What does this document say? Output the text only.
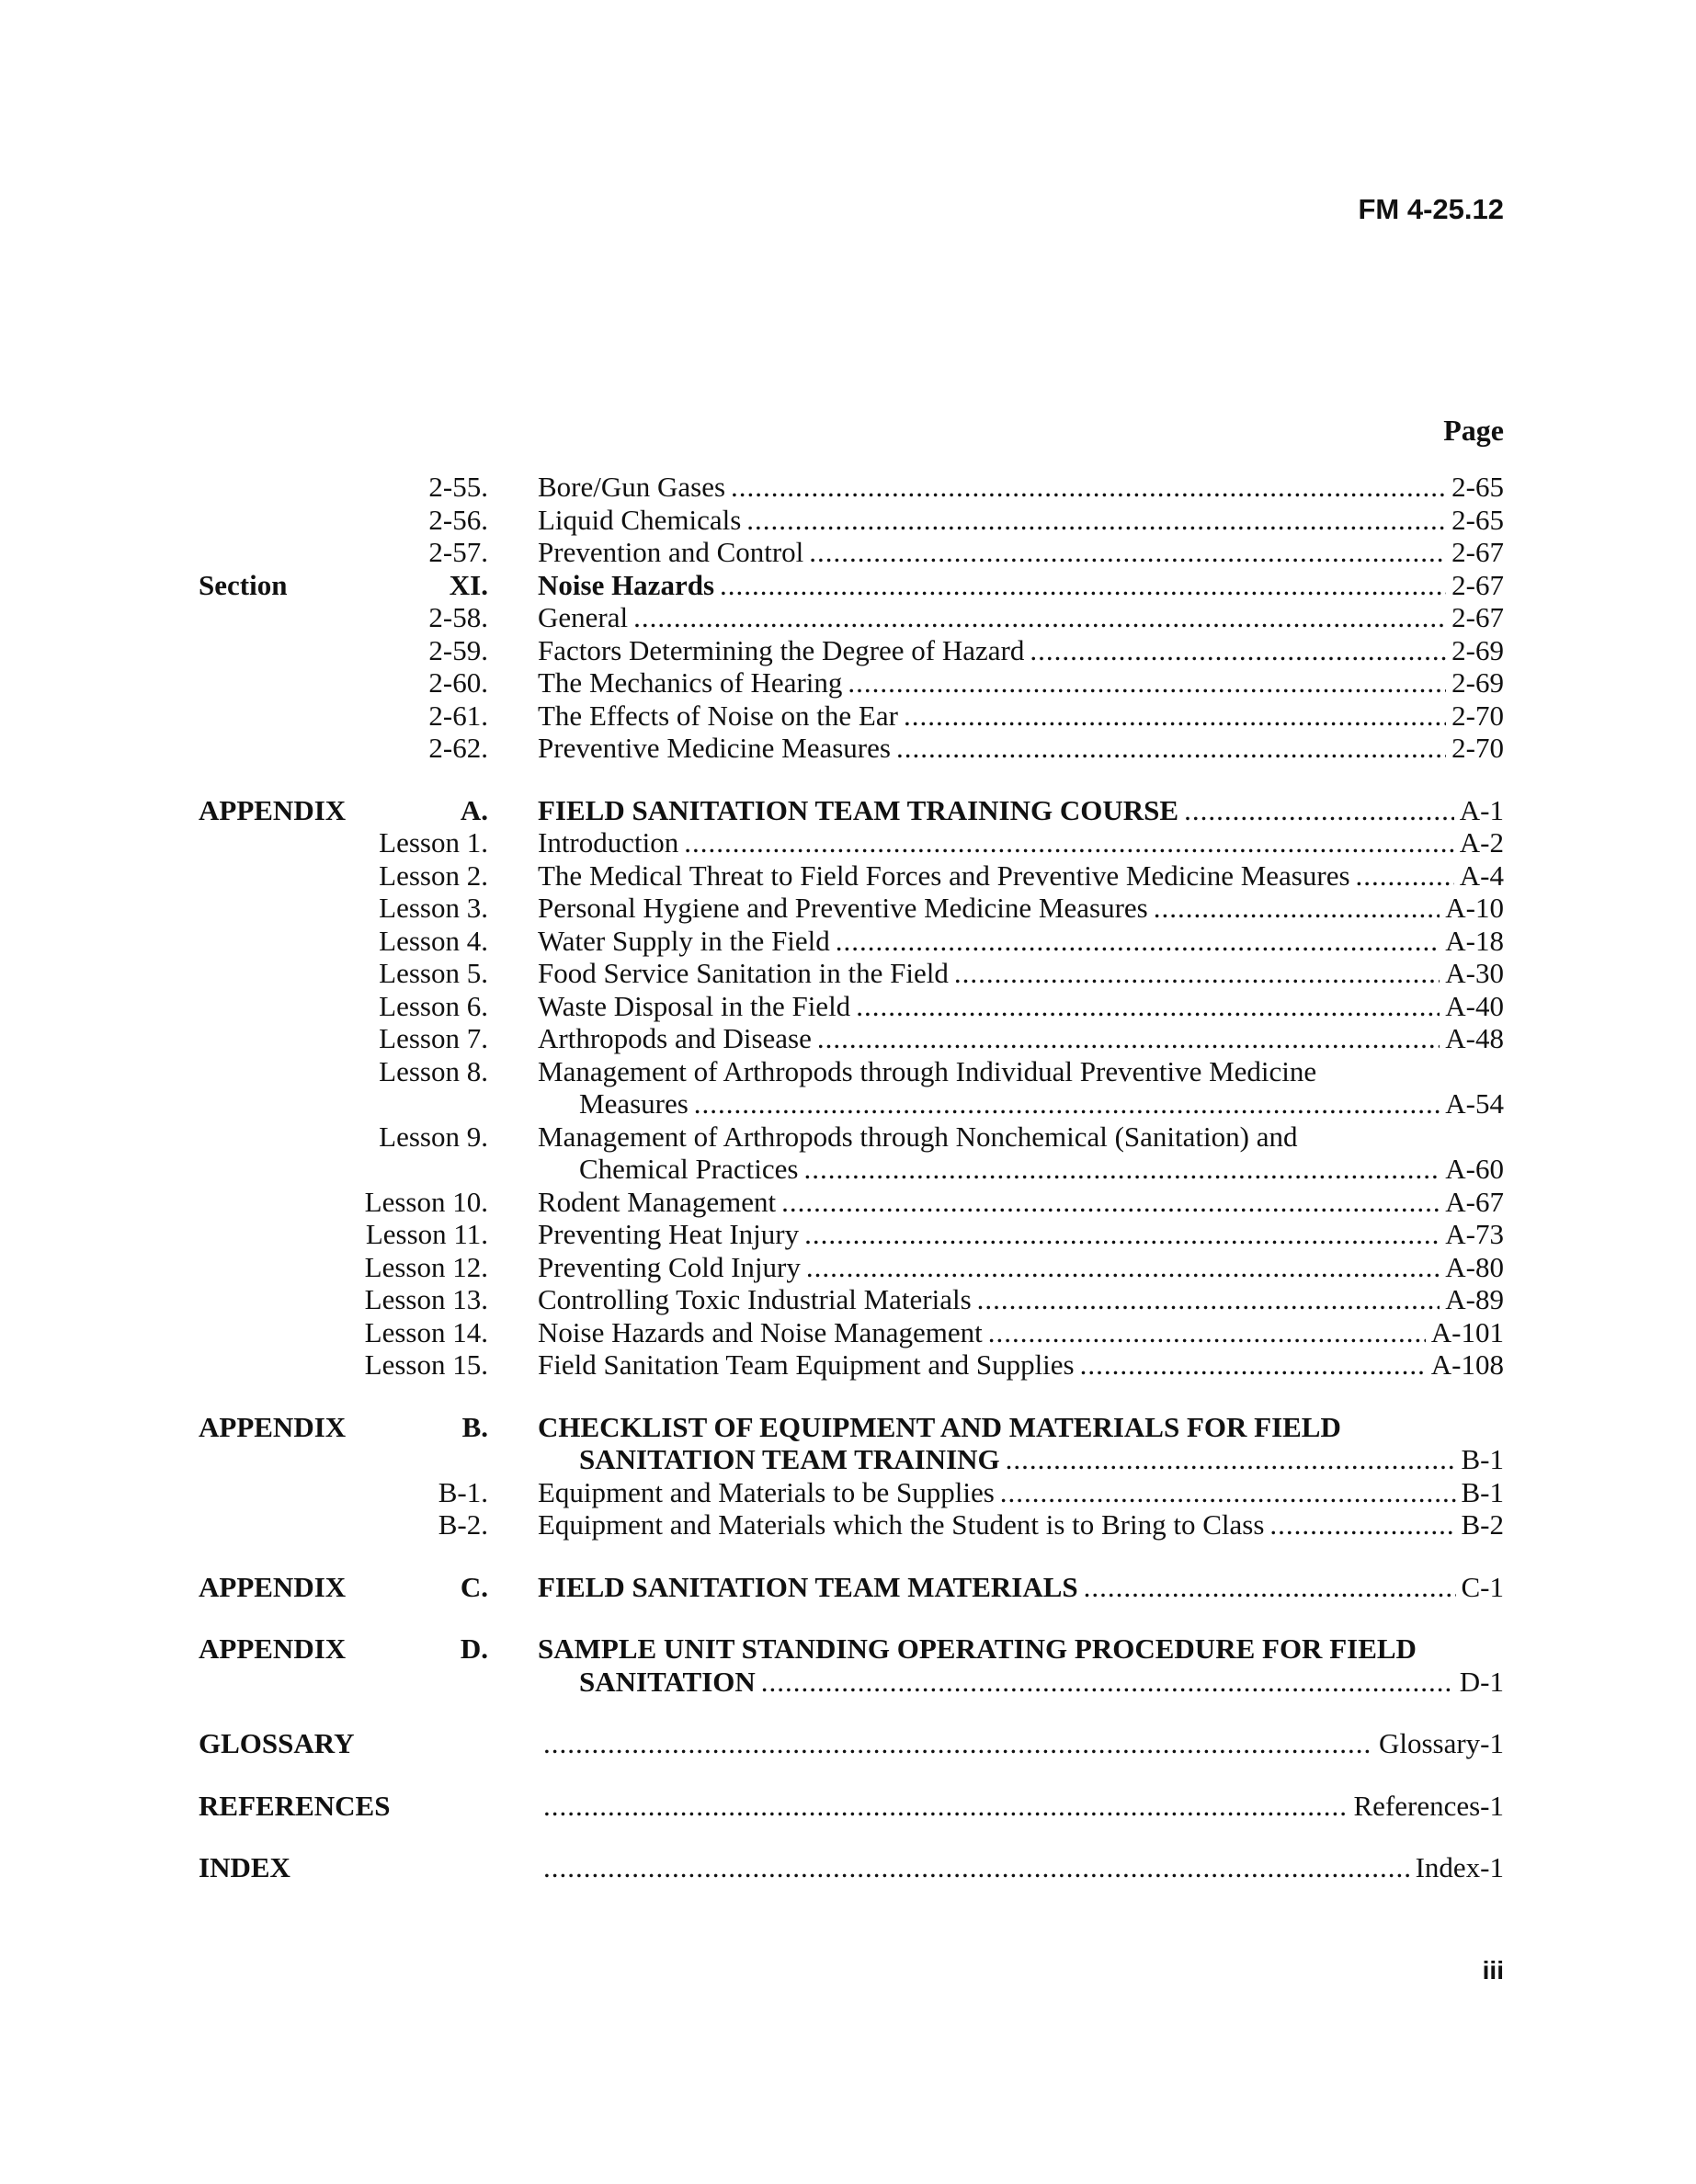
FM 4-25.12
Page
2-55. Bore/Gun Gases .....	2-65
2-56. Liquid Chemicals .....	2-65
2-57. Prevention and Control .....	2-67
Section	XI. Noise Hazards .....	2-67
2-58. General .....	2-67
2-59. Factors Determining the Degree of Hazard .....	2-69
2-60. The Mechanics of Hearing .....	2-69
2-61. The Effects of Noise on the Ear .....	2-70
2-62. Preventive Medicine Measures .....	2-70
APPENDIX	A. FIELD SANITATION TEAM TRAINING COURSE .....	A-1
Lesson 1. Introduction .....	A-2
Lesson 2. The Medical Threat to Field Forces and Preventive Medicine Measures .....	A-4
Lesson 3. Personal Hygiene and Preventive Medicine Measures .....	A-10
Lesson 4. Water Supply in the Field .....	A-18
Lesson 5. Food Service Sanitation in the Field .....	A-30
Lesson 6. Waste Disposal in the Field .....	A-40
Lesson 7. Arthropods and Disease .....	A-48
Lesson 8. Management of Arthropods through Individual Preventive Medicine
Measures .....	A-54
Lesson 9. Management of Arthropods through Nonchemical (Sanitation) and
Chemical Practices .....	A-60
Lesson 10. Rodent Management .....	A-67
Lesson 11. Preventing Heat Injury .....	A-73
Lesson 12. Preventing Cold Injury .....	A-80
Lesson 13. Controlling Toxic Industrial Materials .....	A-89
Lesson 14. Noise Hazards and Noise Management .....	A-101
Lesson 15. Field Sanitation Team Equipment and Supplies .....	A-108
APPENDIX	B. CHECKLIST OF EQUIPMENT AND MATERIALS FOR FIELD
SANITATION TEAM TRAINING .....	B-1
B-1. Equipment and Materials to be Supplies .....	B-1
B-2. Equipment and Materials which the Student is to Bring to Class .....	B-2
APPENDIX	C. FIELD SANITATION TEAM MATERIALS .....	C-1
APPENDIX	D. SAMPLE UNIT STANDING OPERATING PROCEDURE FOR FIELD
SANITATION .....	D-1
GLOSSARY .....	Glossary-1
REFERENCES .....	References-1
INDEX .....	Index-1
iii
